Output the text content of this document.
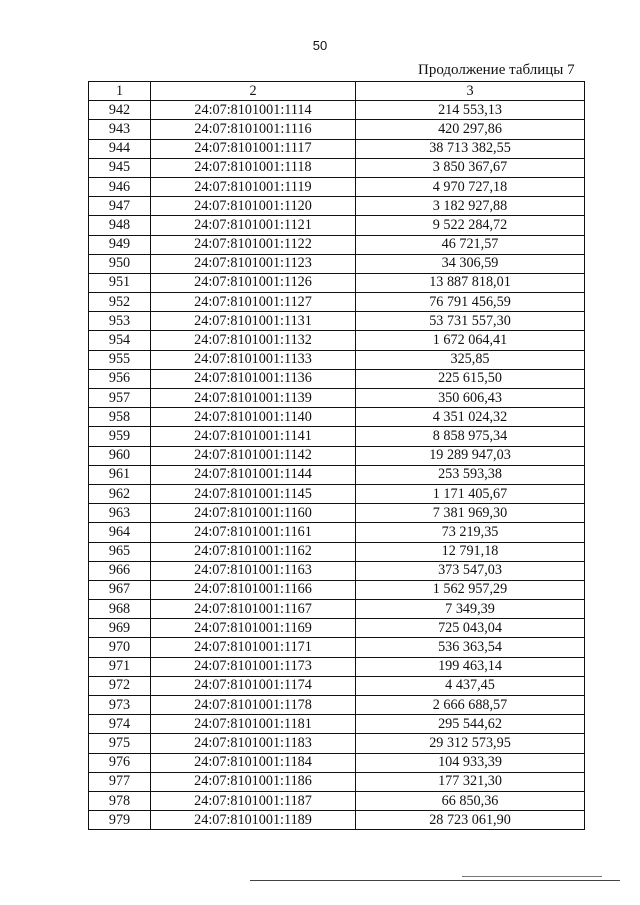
50
Продолжение таблицы 7
1	2	3
942	24:07:8101001:1114	214 553,13
943	24:07:8101001:1116	420 297,86
944	24:07:8101001:1117	38 713 382,55
945	24:07:8101001:1118	3 850 367,67
946	24:07:8101001:1119	4 970 727,18
947	24:07:8101001:1120	3 182 927,88
948	24:07:8101001:1121	9 522 284,72
949	24:07:8101001:1122	46 721,57
950	24:07:8101001:1123	34 306,59
951	24:07:8101001:1126	13 887 818,01
952	24:07:8101001:1127	76 791 456,59
953	24:07:8101001:1131	53 731 557,30
954	24:07:8101001:1132	1 672 064,41
955	24:07:8101001:1133	325,85
956	24:07:8101001:1136	225 615,50
957	24:07:8101001:1139	350 606,43
958	24:07:8101001:1140	4 351 024,32
959	24:07:8101001:1141	8 858 975,34
960	24:07:8101001:1142	19 289 947,03
961	24:07:8101001:1144	253 593,38
962	24:07:8101001:1145	1 171 405,67
963	24:07:8101001:1160	7 381 969,30
964	24:07:8101001:1161	73 219,35
965	24:07:8101001:1162	12 791,18
966	24:07:8101001:1163	373 547,03
967	24:07:8101001:1166	1 562 957,29
968	24:07:8101001:1167	7 349,39
969	24:07:8101001:1169	725 043,04
970	24:07:8101001:1171	536 363,54
971	24:07:8101001:1173	199 463,14
972	24:07:8101001:1174	4 437,45
973	24:07:8101001:1178	2 666 688,57
974	24:07:8101001:1181	295 544,62
975	24:07:8101001:1183	29 312 573,95
976	24:07:8101001:1184	104 933,39
977	24:07:8101001:1186	177 321,30
978	24:07:8101001:1187	66 850,36
979	24:07:8101001:1189	28 723 061,90
